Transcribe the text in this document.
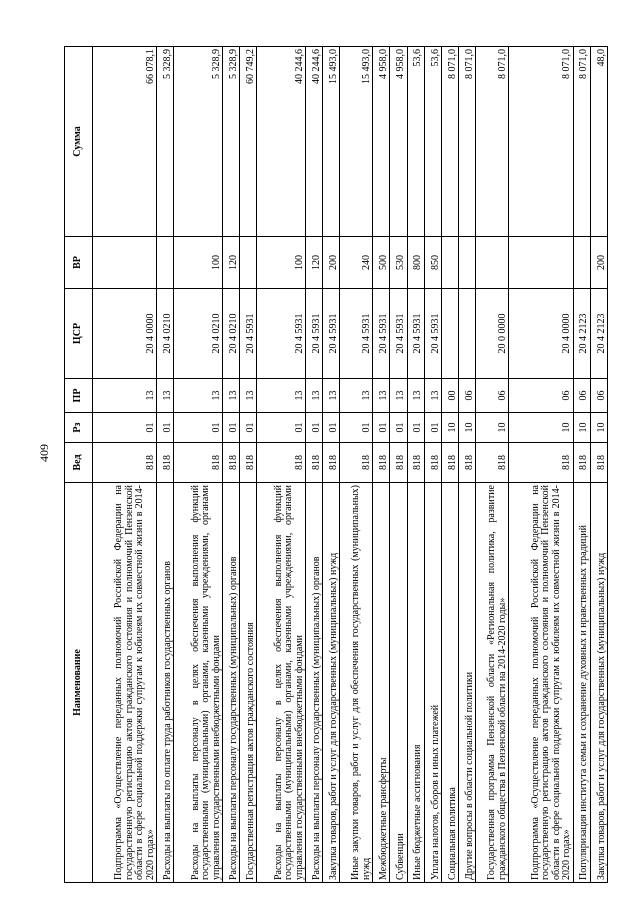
409
Наименование	Вед	Рз	ПР	ЦСР	ВР	Сумма
Подпрограмма «Осуществление переданных полномочий Российской Федерации на государственную регистрацию актов гражданского состояния и полномочий Пензенской области в сфере социальной поддержки супругам к юбилеям их совместной жизни в 2014-2020 годах»	818	01	13	20 4 0000		66 078,1
Расходы на выплаты по оплате труда работников государственных органов	818	01	13	20 4 0210		5 328,9
Расходы на выплаты персоналу в целях обеспечения выполнения функций государственными (муниципальными) органами, казенными учреждениями, органами управления государственными внебюджетными фондами	818	01	13	20 4 0210	100	5 328,9
Расходы на выплаты персоналу государственных (муниципальных) органов	818	01	13	20 4 0210	120	5 328,9
Государственная регистрация актов гражданского состояния	818	01	13	20 4 5931		60 749,2
Расходы на выплаты персоналу в целях обеспечения выполнения функций государственными (муниципальными) органами, казенными учреждениями, органами управления государственными внебюджетными фондами	818	01	13	20 4 5931	100	40 244,6
Расходы на выплаты персоналу государственных (муниципальных) органов	818	01	13	20 4 5931	120	40 244,6
Закупка товаров, работ и услуг для государственных (муниципальных) нужд	818	01	13	20 4 5931	200	15 493,0
Иные закупки товаров, работ и услуг для обеспечения государственных (муниципальных) нужд	818	01	13	20 4 5931	240	15 493,0
Межбюджетные трансферты	818	01	13	20 4 5931	500	4 958,0
Субвенции	818	01	13	20 4 5931	530	4 958,0
Иные бюджетные ассигнования	818	01	13	20 4 5931	800	53,6
Уплата налогов, сборов и иных платежей	818	01	13	20 4 5931	850	53,6
Социальная политика	818	10	00			8 071,0
Другие вопросы в области социальной политики	818	10	06			8 071,0
Государственная программа Пензенской области «Региональная политика, развитие гражданского общества в Пензенской области на 2014-2020 годы»	818	10	06	20 0 0000		8 071,0
Подпрограмма «Осуществление переданных полномочий Российской Федерации на государственную регистрацию актов гражданского состояния и полномочий Пензенской области в сфере социальной поддержки супругам к юбилеям их совместной жизни в 2014-2020 годах»	818	10	06	20 4 0000		8 071,0
Популяризация института семьи и сохранение духовных и нравственных традиций	818	10	06	20 4 2123		8 071,0
Закупка товаров, работ и услуг для государственных (муниципальных) нужд	818	10	06	20 4 2123	200	48,0
